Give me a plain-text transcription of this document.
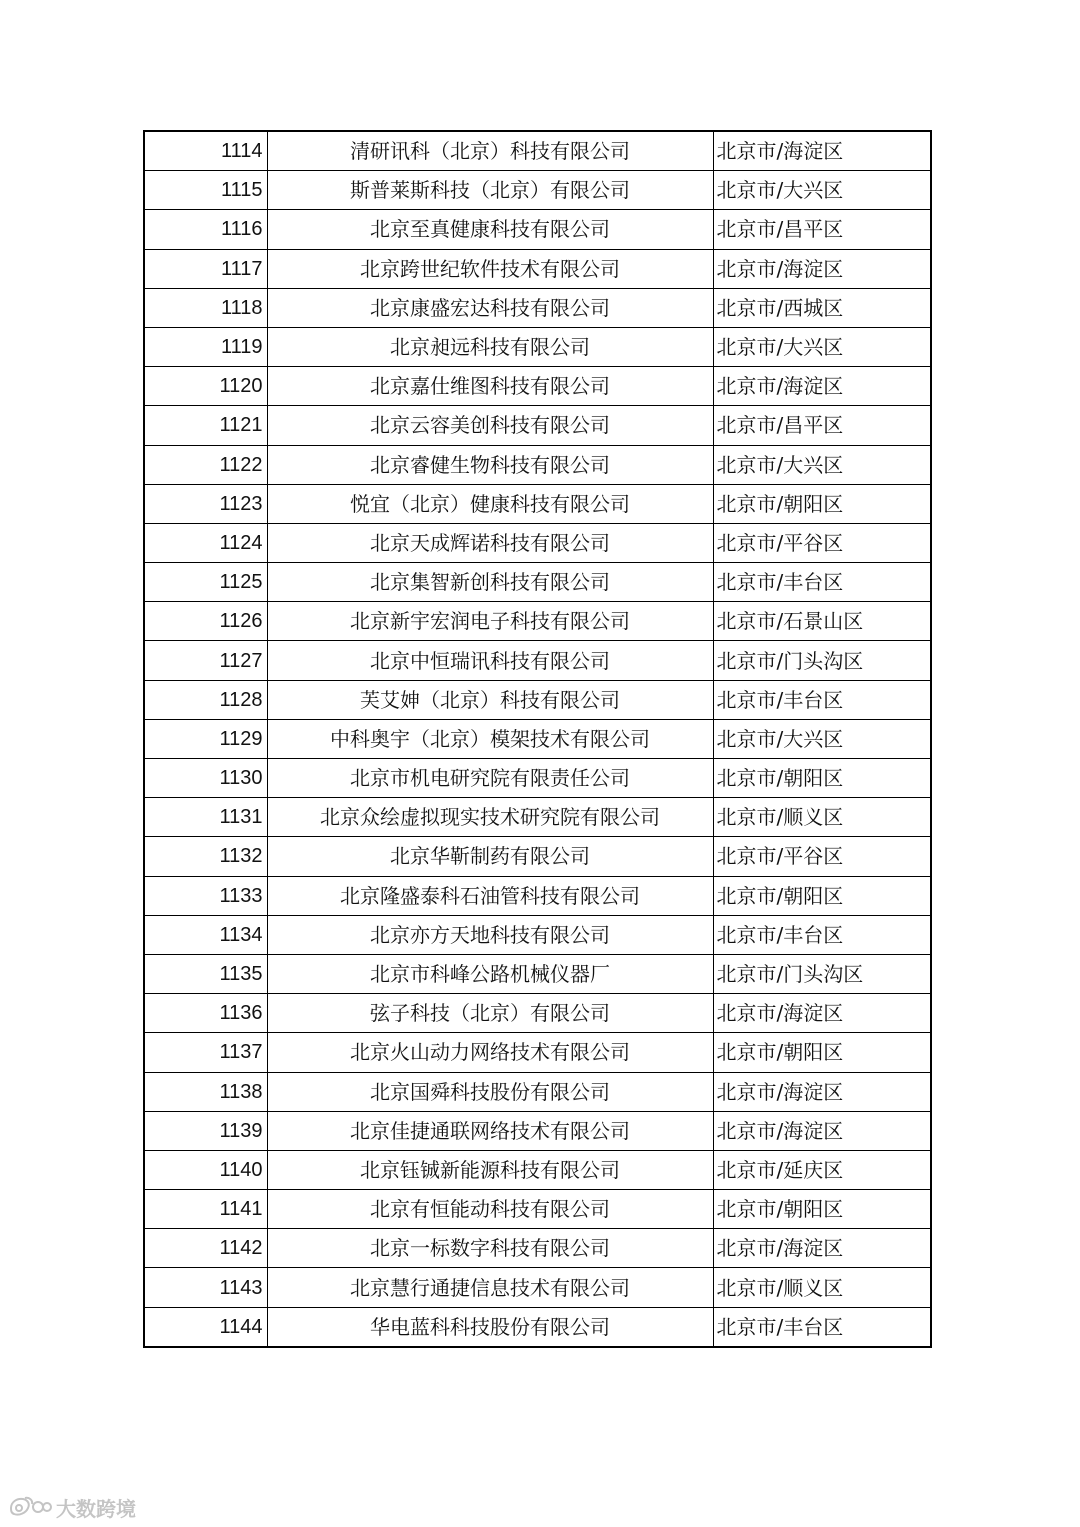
1114	清研讯科（北京）科技有限公司	北京市/海淀区
1115	斯普莱斯科技（北京）有限公司	北京市/大兴区
1116	北京至真健康科技有限公司	北京市/昌平区
1117	北京跨世纪软件技术有限公司	北京市/海淀区
1118	北京康盛宏达科技有限公司	北京市/西城区
1119	北京昶远科技有限公司	北京市/大兴区
1120	北京嘉仕维图科技有限公司	北京市/海淀区
1121	北京云容美创科技有限公司	北京市/昌平区
1122	北京睿健生物科技有限公司	北京市/大兴区
1123	悦宜（北京）健康科技有限公司	北京市/朝阳区
1124	北京天成辉诺科技有限公司	北京市/平谷区
1125	北京集智新创科技有限公司	北京市/丰台区
1126	北京新宇宏润电子科技有限公司	北京市/石景山区
1127	北京中恒瑞讯科技有限公司	北京市/门头沟区
1128	芙艾妽（北京）科技有限公司	北京市/丰台区
1129	中科奥宇（北京）模架技术有限公司	北京市/大兴区
1130	北京市机电研究院有限责任公司	北京市/朝阳区
1131	北京众绘虚拟现实技术研究院有限公司	北京市/顺义区
1132	北京华靳制药有限公司	北京市/平谷区
1133	北京隆盛泰科石油管科技有限公司	北京市/朝阳区
1134	北京亦方天地科技有限公司	北京市/丰台区
1135	北京市科峰公路机械仪器厂	北京市/门头沟区
1136	弦子科技（北京）有限公司	北京市/海淀区
1137	北京火山动力网络技术有限公司	北京市/朝阳区
1138	北京国舜科技股份有限公司	北京市/海淀区
1139	北京佳捷通联网络技术有限公司	北京市/海淀区
1140	北京钰铖新能源科技有限公司	北京市/延庆区
1141	北京有恒能动科技有限公司	北京市/朝阳区
1142	北京一标数字科技有限公司	北京市/海淀区
1143	北京慧行通捷信息技术有限公司	北京市/顺义区
1144	华电蓝科科技股份有限公司	北京市/丰台区
大数跨境
